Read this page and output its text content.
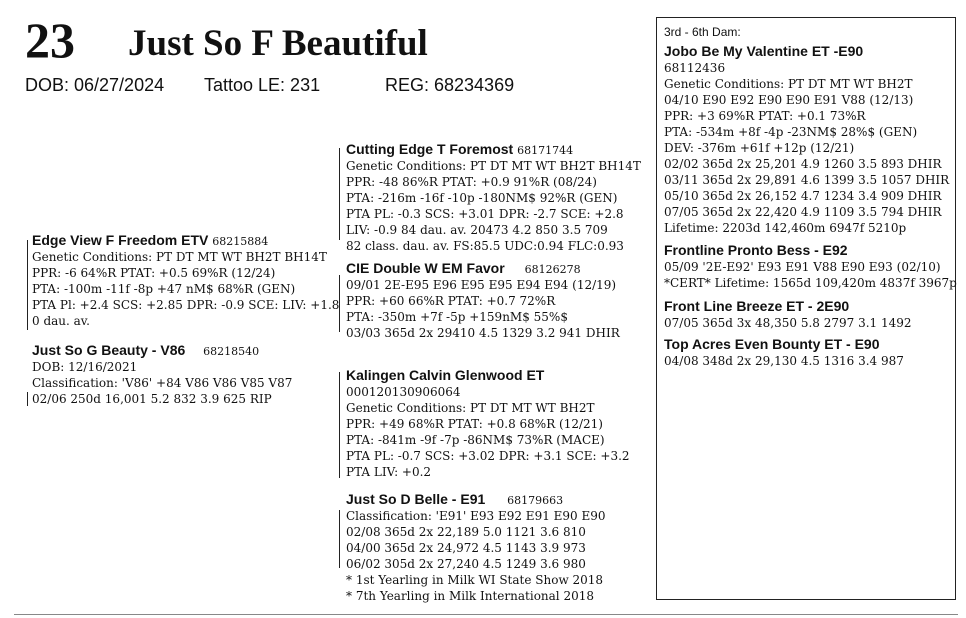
23 Just So F Beautiful
DOB: 06/27/2024 Tattoo LE: 231	REG: 68234369
Edge View F Freedom ETV 68215884
Genetic Conditions: PT DT MT WT BH2T BH14T
PPR: -6 64%R PTAT: +0.5 69%R (12/24)
PTA: -100m -11f -8p +47 nM$ 68%R (GEN)
PTA Pl: +2.4 SCS: +2.85 DPR: -0.9 SCE: LIV: +1.8
0 dau. av.
Just So G Beauty - V86 68218540
DOB: 12/16/2021
Classification: 'V86' +84 V86 V86 V85 V87
02/06 250d 16,001 5.2 832 3.9 625 RIP
Cutting Edge T Foremost 68171744
Genetic Conditions: PT DT MT WT BH2T BH14T
PPR: -48 86%R PTAT: +0.9 91%R (08/24)
PTA: -216m -16f -10p -180NM$ 92%R (GEN)
PTA PL: -0.3 SCS: +3.01 DPR: -2.7 SCE: +2.8
LIV: -0.9 84 dau. av. 20473 4.2 850 3.5 709
82 class. dau. av. FS:85.5 UDC:0.94 FLC:0.93
CIE Double W EM Favor 68126278
09/01 2E-E95 E96 E95 E95 E94 E94 (12/19)
PPR: +60 66%R PTAT: +0.7 72%R
PTA: -350m +7f -5p +159nM$ 55%$
03/03 365d 2x 29410 4.5 1329 3.2 941 DHIR
Kalingen Calvin Glenwood ET
000120130906064
Genetic Conditions: PT DT MT WT BH2T
PPR: +49 68%R PTAT: +0.8 68%R (12/21)
PTA: -841m -9f -7p -86NM$ 73%R (MACE)
PTA PL: -0.7 SCS: +3.02 DPR: +3.1 SCE: +3.2
PTA LIV: +0.2
Just So D Belle - E91 68179663
Classification: 'E91' E93 E92 E91 E90 E90
02/08 365d 2x 22,189 5.0 1121 3.6 810
04/00 365d 2x 24,972 4.5 1143 3.9 973
06/02 305d 2x 27,240 4.5 1249 3.6 980
* 1st Yearling in Milk WI State Show 2018
* 7th Yearling in Milk International 2018
3rd - 6th Dam:
Jobo Be My Valentine ET -E90
68112436
Genetic Conditions: PT DT MT WT BH2T
04/10 E90 E92 E90 E90 E91 V88 (12/13)
PPR: +3 69%R PTAT: +0.1 73%R
PTA: -534m +8f -4p -23NM$ 28%$ (GEN)
DEV: -376m +61f +12p (12/21)
02/02 365d 2x 25,201 4.9 1260 3.5 893 DHIR
03/11 365d 2x 29,891 4.6 1399 3.5 1057 DHIR
05/10 365d 2x 26,152 4.7 1234 3.4 909 DHIR
07/05 365d 2x 22,420 4.9 1109 3.5 794 DHIR
Lifetime: 2203d 142,460m 6947f 5210p
Frontline Pronto Bess - E92
05/09 '2E-E92' E93 E91 V88 E90 E93 (02/10)
*CERT* Lifetime: 1565d 109,420m 4837f 3967p
Front Line Breeze ET - 2E90
07/05 365d 3x 48,350 5.8 2797 3.1 1492
Top Acres Even Bounty ET - E90
04/08 348d 2x 29,130 4.5 1316 3.4 987
